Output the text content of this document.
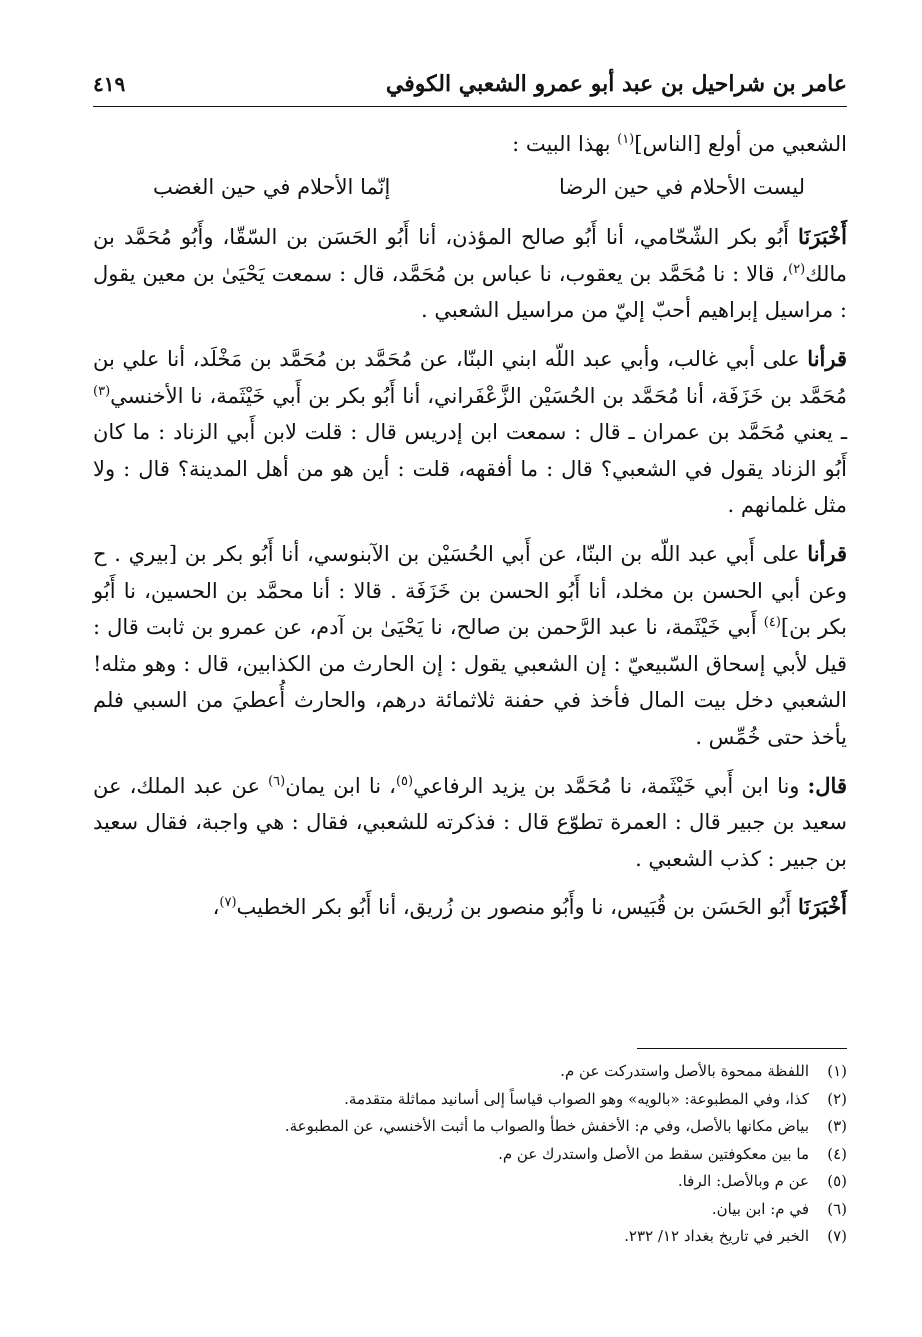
عامر بن شراحيل بن عبد أبو عمرو الشعبي الكوفي
٤١٩

الشعبي من أولع [الناس]$^{(١)}$ بهذا البيت :

ليست الأحلام في حين الرضا
إنّما الأحلام في حين الغضب

أَخْبَرَنَا أَبُو بكر الشّحّامي، أنا أَبُو صالح المؤذن، أنا أَبُو الحَسَن بن السّقّا، وأَبُو مُحَمَّد بن مالك$^{(٢)}$، قالا : نا مُحَمَّد بن يعقوب، نا عباس بن مُحَمَّد، قال : سمعت يَحْيَىٰ بن معين يقول : مراسيل إبراهيم أحبّ إليّ من مراسيل الشعبي .

قرأنا على أبي غالب، وأبي عبد اللّه ابني البنّا، عن مُحَمَّد بن مُحَمَّد بن مَخْلَد، أنا علي بن مُحَمَّد بن خَزَفَة، أنا مُحَمَّد بن الحُسَيْن الزَّعْفَراني، أنا أَبُو بكر بن أَبي خَيْثَمة، نا الأخنسي$^{(٣)}$ ـ يعني مُحَمَّد بن عمران ـ قال : سمعت ابن إدريس قال : قلت لابن أَبي الزناد : ما كان أَبُو الزناد يقول في الشعبي؟ قال : ما أفقهه، قلت : أين هو من أهل المدينة؟ قال : ولا مثل غلمانهم .

قرأنا على أَبي عبد اللّه بن البنّا، عن أَبي الحُسَيْن بن الآبنوسي، أنا أَبُو بكر بن [بيري . ح وعن أبي الحسن بن مخلد، أنا أَبُو الحسن بن خَزَفَة . قالا : أنا محمَّد بن الحسين، نا أَبُو بكر بن]$^{(٤)}$ أَبي خَيْثَمة، نا عبد الرَّحمن بن صالح، نا يَحْيَىٰ بن آدم، عن عمرو بن ثابت قال : قيل لأبي إسحاق السّبيعيّ : إن الشعبي يقول : إن الحارث من الكذابين، قال : وهو مثله! الشعبي دخل بيت المال فأخذ في حفنة ثلاثمائة درهم، والحارث أُعطيَ من السبي فلم يأخذ حتى خُمِّس .

قال: ونا ابن أَبي خَيْثَمة، نا مُحَمَّد بن يزيد الرفاعي$^{(٥)}$، نا ابن يمان$^{(٦)}$ عن عبد الملك، عن سعيد بن جبير قال : العمرة تطوّع قال : فذكرته للشعبي، فقال : هي واجبة، فقال سعيد بن جبير : كذب الشعبي .

أَخْبَرَنَا أَبُو الحَسَن بن قُبَيس، نا وأَبُو منصور بن زُريق، أنا أَبُو بكر الخطيب$^{(٧)}$،

(١)
اللفظة ممحوة بالأصل واستدركت عن م.
(٢)
كذا، وفي المطبوعة: «بالويه» وهو الصواب قياساً إلى أسانيد مماثلة متقدمة.
(٣)
بياض مكانها بالأصل، وفي م: الأخفش خطأ والصواب ما أثبت الأخنسي، عن المطبوعة.
(٤)
ما بين معكوفتين سقط من الأصل واستدرك عن م.
(٥)
عن م وبالأصل: الرفا.
(٦)
في م: ابن بيان.
(٧)
الخبر في تاريخ بغداد ١٢/ ٢٣٢.
